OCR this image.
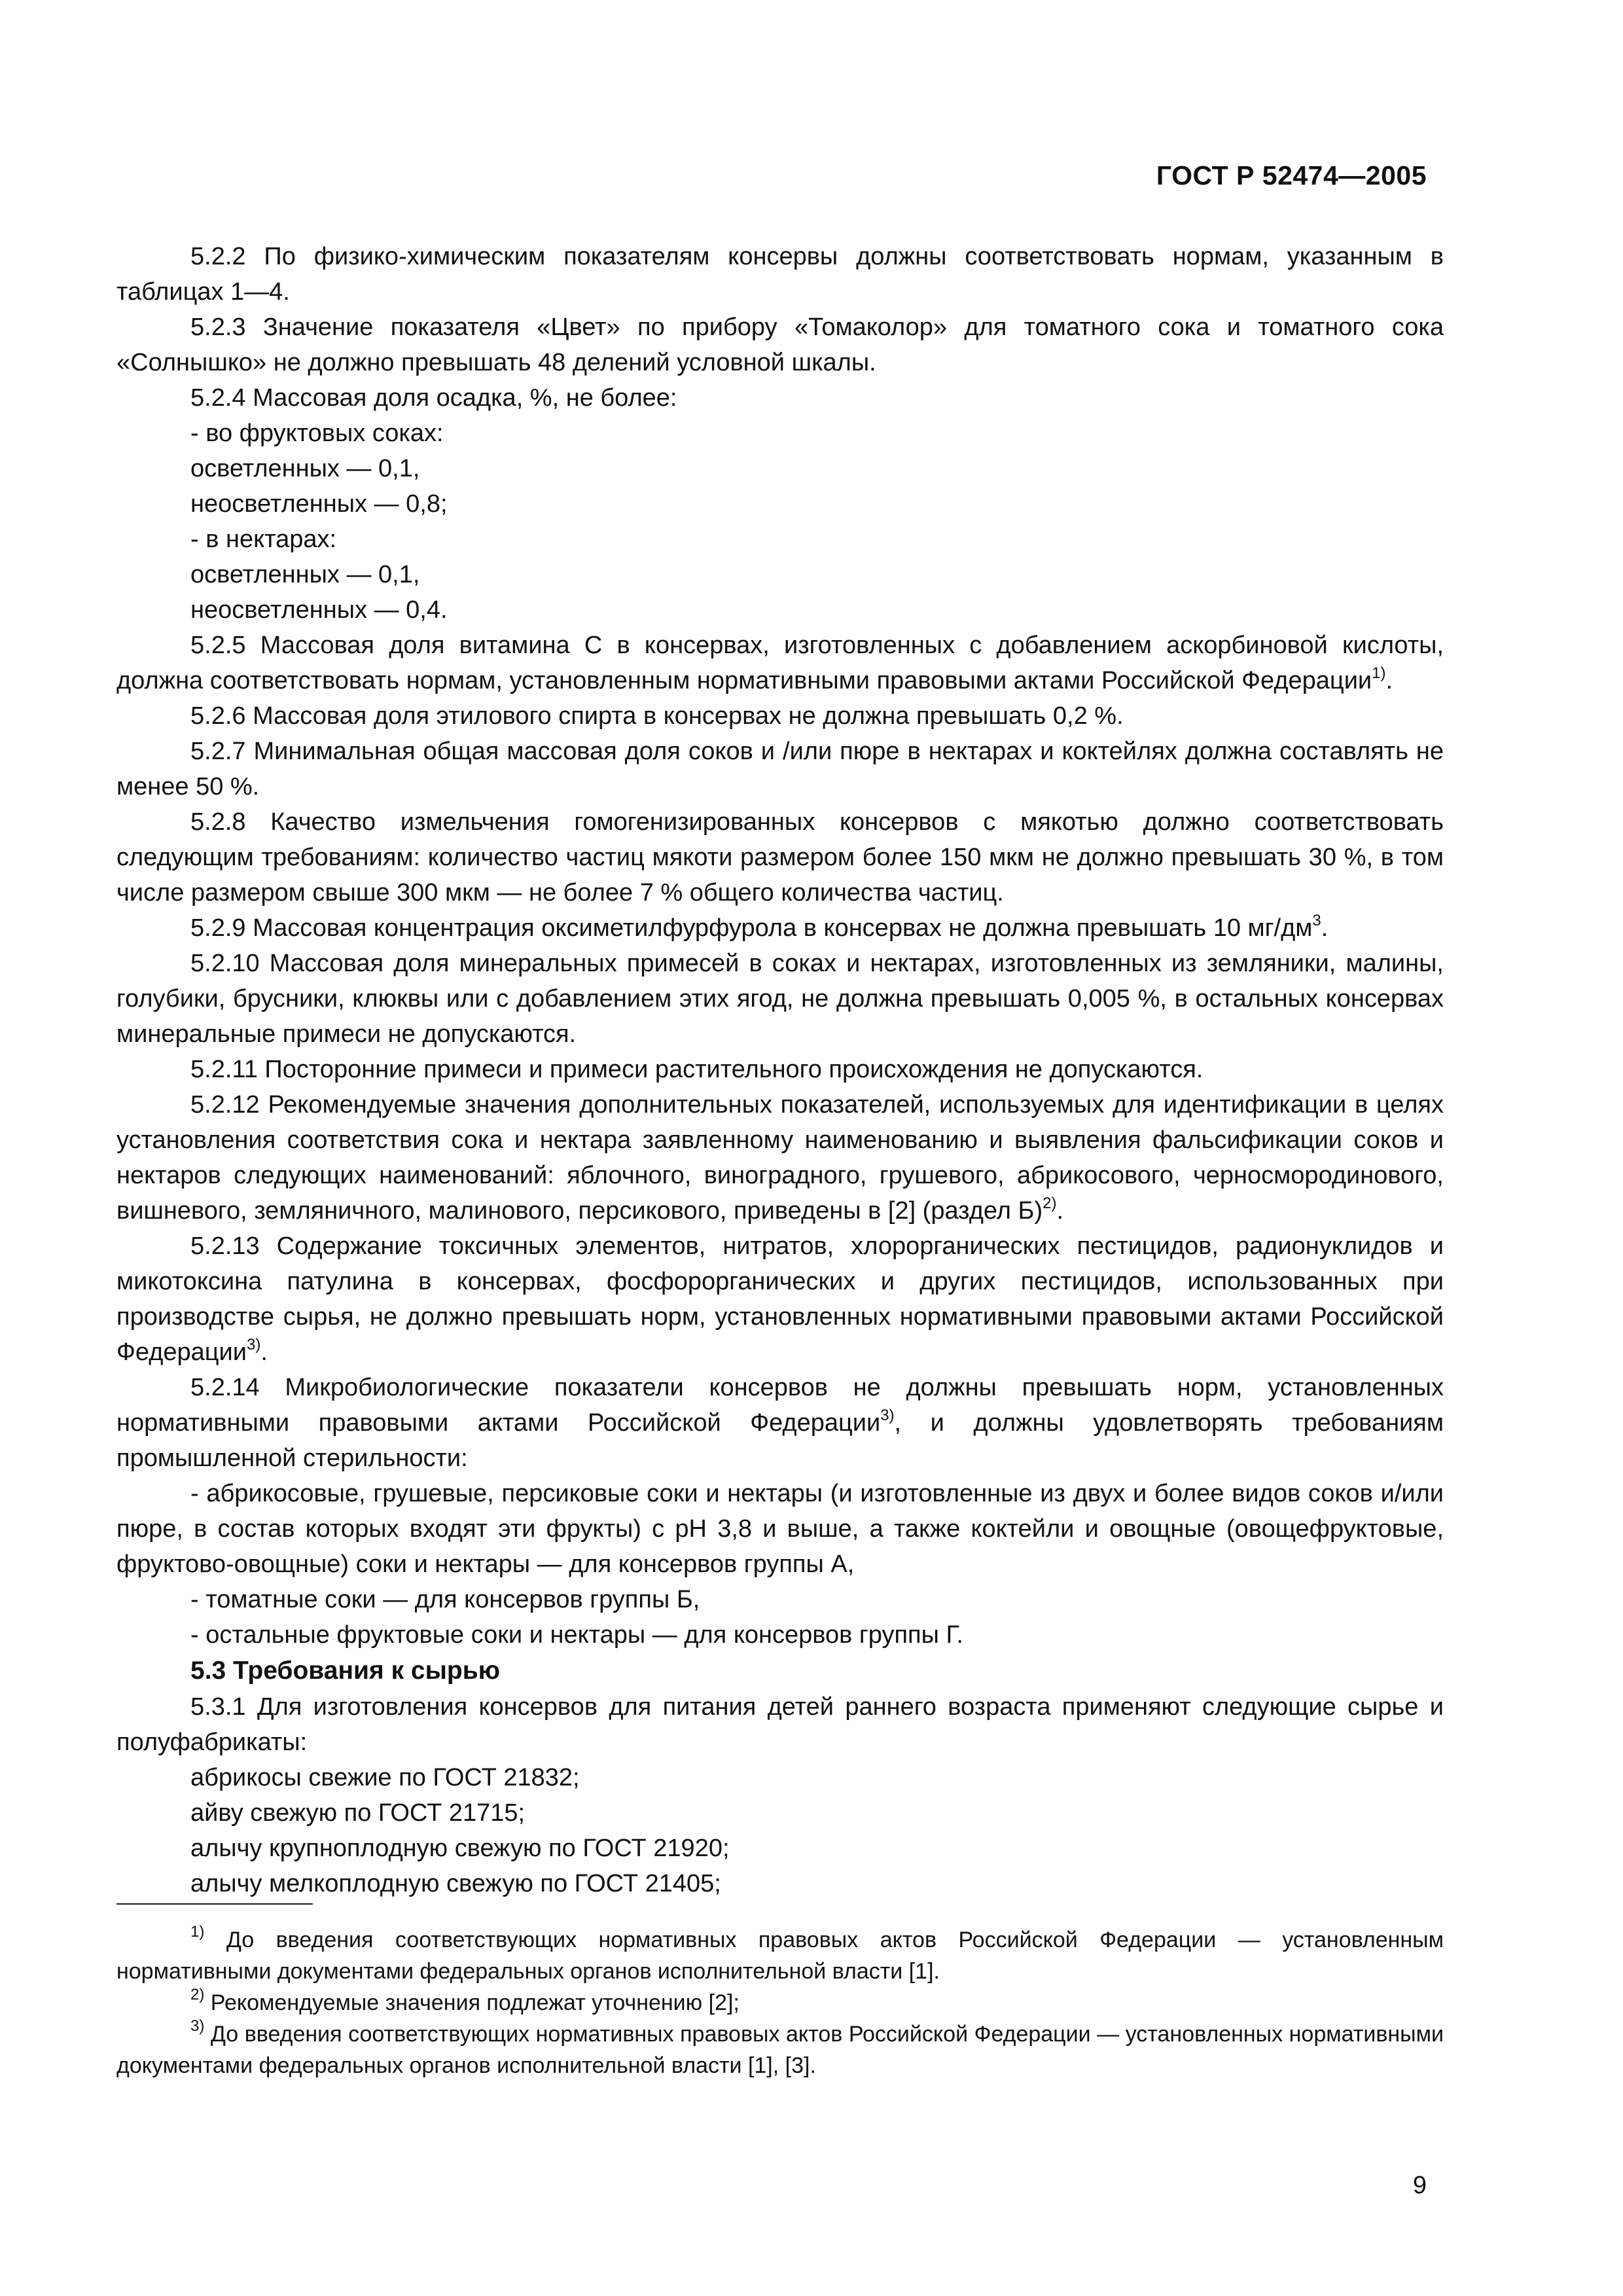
ГОСТ Р 52474—2005

5.2.2 По физико-химическим показателям консервы должны соответствовать нормам, указанным в таблицах 1—4.

5.2.3 Значение показателя «Цвет» по прибору «Томаколор» для томатного сока и томатного сока «Солнышко» не должно превышать 48 делений условной шкалы.

5.2.4 Массовая доля осадка, %, не более:

- во фруктовых соках:

осветленных — 0,1,

неосветленных — 0,8;

- в нектарах:

осветленных — 0,1,

неосветленных — 0,4.

5.2.5 Массовая доля витамина С в консервах, изготовленных с добавлением аскорбиновой кислоты, должна соответствовать нормам, установленным нормативными правовыми актами Российской Федерации$^{1)}$.

5.2.6 Массовая доля этилового спирта в консервах не должна превышать 0,2 %.

5.2.7 Минимальная общая массовая доля соков и /или пюре в нектарах и коктейлях должна составлять не менее 50 %.

5.2.8 Качество измельчения гомогенизированных консервов с мякотью должно соответствовать следующим требованиям: количество частиц мякоти размером более 150 мкм не должно превышать 30 %, в том числе размером свыше 300 мкм — не более 7 % общего количества частиц.

5.2.9 Массовая концентрация оксиметилфурфурола в консервах не должна превышать 10 $мг/дм^3$.

5.2.10 Массовая доля минеральных примесей в соках и нектарах, изготовленных из земляники, малины, голубики, брусники, клюквы или с добавлением этих ягод, не должна превышать 0,005 %, в остальных консервах минеральные примеси не допускаются.

5.2.11 Посторонние примеси и примеси растительного происхождения не допускаются.

5.2.12 Рекомендуемые значения дополнительных показателей, используемых для идентификации в целях установления соответствия сока и нектара заявленному наименованию и выявления фальсификации соков и нектаров следующих наименований: яблочного, виноградного, грушевого, абрикосового, черносмородинового, вишневого, земляничного, малинового, персикового, приведены в [2] (раздел Б)$^{2)}$.

5.2.13 Содержание токсичных элементов, нитратов, хлорорганических пестицидов, радионуклидов и микотоксина патулина в консервах, фосфорорганических и других пестицидов, использованных при производстве сырья, не должно превышать норм, установленных нормативными правовыми актами Российской Федерации$^{3)}$.

5.2.14 Микробиологические показатели консервов не должны превышать норм, установленных нормативными правовыми актами Российской Федерации$^{3)}$, и должны удовлетворять требованиям промышленной стерильности:

- абрикосовые, грушевые, персиковые соки и нектары (и изготовленные из двух и более видов соков и/или пюре, в состав которых входят эти фрукты) с рН 3,8 и выше, а также коктейли и овощные (овощефруктовые, фруктово-овощные) соки и нектары — для консервов группы А,

- томатные соки — для консервов группы Б,

- остальные фруктовые соки и нектары — для консервов группы Г.

5.3 Требования к сырью

5.3.1 Для изготовления консервов для питания детей раннего возраста применяют следующие сырье и полуфабрикаты:

абрикосы свежие по ГОСТ 21832;

айву свежую по ГОСТ 21715;

алычу крупноплодную свежую по ГОСТ 21920;

алычу мелкоплодную свежую по ГОСТ 21405;

$^{1)}$ До введения соответствующих нормативных правовых актов Российской Федерации — установленным нормативными документами федеральных органов исполнительной власти [1].

$^{2)}$ Рекомендуемые значения подлежат уточнению [2];

$^{3)}$ До введения соответствующих нормативных правовых актов Российской Федерации — установленных нормативными документами федеральных органов исполнительной власти [1], [3].

9
